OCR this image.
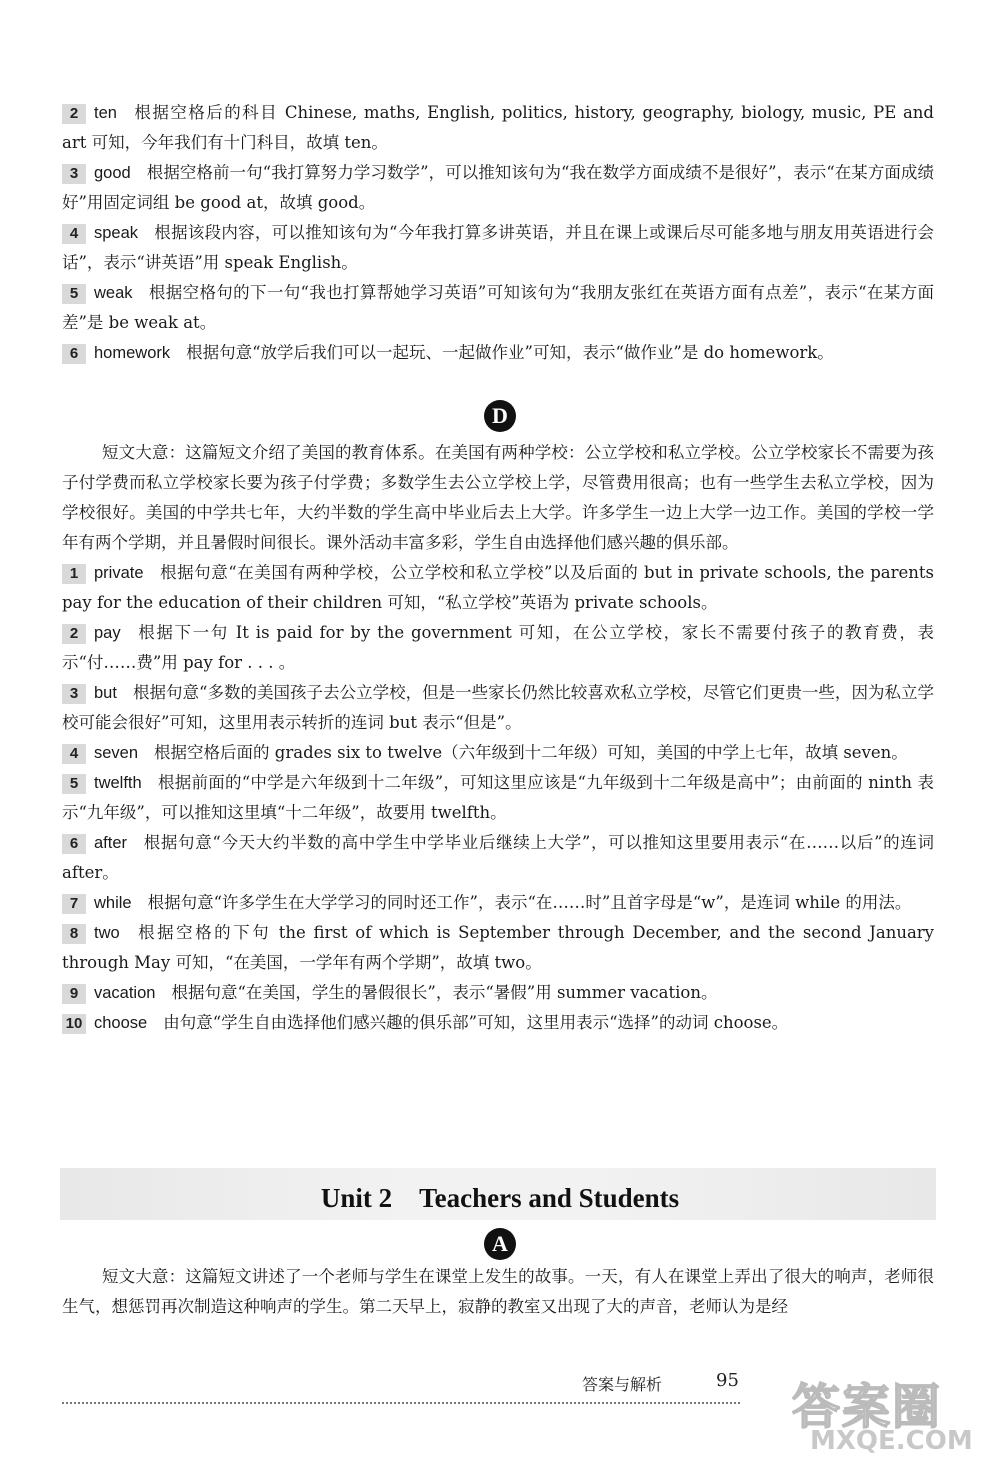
2 ten 根据空格后的科目 Chinese, maths, English, politics, history, geography, biology, music, PE and art 可知，今年我们有十门科目，故填 ten。

3 good 根据空格前一句“我打算努力学习数学”，可以推知该句为“我在数学方面成绩不是很好”，表示“在某方面成绩好”用固定词组 be good at，故填 good。

4 speak 根据该段内容，可以推知该句为“今年我打算多讲英语，并且在课上或课后尽可能多地与朋友用英语进行会话”，表示“讲英语”用 speak English。

5 weak 根据空格句的下一句“我也打算帮她学习英语”可知该句为“我朋友张红在英语方面有点差”，表示“在某方面差”是 be weak at。

6 homework 根据句意“放学后我们可以一起玩、一起做作业”可知，表示“做作业”是 do homework。

D

短文大意：这篇短文介绍了美国的教育体系。在美国有两种学校：公立学校和私立学校。公立学校家长不需要为孩子付学费而私立学校家长要为孩子付学费；多数学生去公立学校上学，尽管费用很高；也有一些学生去私立学校，因为学校很好。美国的中学共七年，大约半数的学生高中毕业后去上大学。许多学生一边上大学一边工作。美国的学校一学年有两个学期，并且暑假时间很长。课外活动丰富多彩，学生自由选择他们感兴趣的俱乐部。

1 private 根据句意“在美国有两种学校，公立学校和私立学校”以及后面的 but in private schools, the parents pay for the education of their children 可知，“私立学校”英语为 private schools。

2 pay 根据下一句 It is paid for by the government 可知，在公立学校，家长不需要付孩子的教育费，表示“付……费”用 pay for . . . 。

3 but 根据句意“多数的美国孩子去公立学校，但是一些家长仍然比较喜欢私立学校，尽管它们更贵一些，因为私立学校可能会很好”可知，这里用表示转折的连词 but 表示“但是”。

4 seven 根据空格后面的 grades six to twelve（六年级到十二年级）可知，美国的中学上七年，故填 seven。

5 twelfth 根据前面的“中学是六年级到十二年级”，可知这里应该是“九年级到十二年级是高中”；由前面的 ninth 表示“九年级”，可以推知这里填“十二年级”，故要用 twelfth。

6 after 根据句意“今天大约半数的高中学生中学毕业后继续上大学”，可以推知这里要用表示“在……以后”的连词 after。

7 while 根据句意“许多学生在大学学习的同时还工作”，表示“在……时”且首字母是“w”，是连词 while 的用法。

8 two 根据空格的下句 the first of which is September through December, and the second January through May 可知，“在美国，一学年有两个学期”，故填 two。

9 vacation 根据句意“在美国，学生的暑假很长”，表示“暑假”用 summer vacation。

10 choose 由句意“学生自由选择他们感兴趣的俱乐部”可知，这里用表示“选择”的动词 choose。

Unit 2　Teachers and Students
A

短文大意：这篇短文讲述了一个老师与学生在课堂上发生的故事。一天，有人在课堂上弄出了很大的响声，老师很生气，想惩罚再次制造这种响声的学生。第二天早上，寂静的教室又出现了大的声音，老师认为是经

答案与解析	95 答案圈
MXQE.COM
